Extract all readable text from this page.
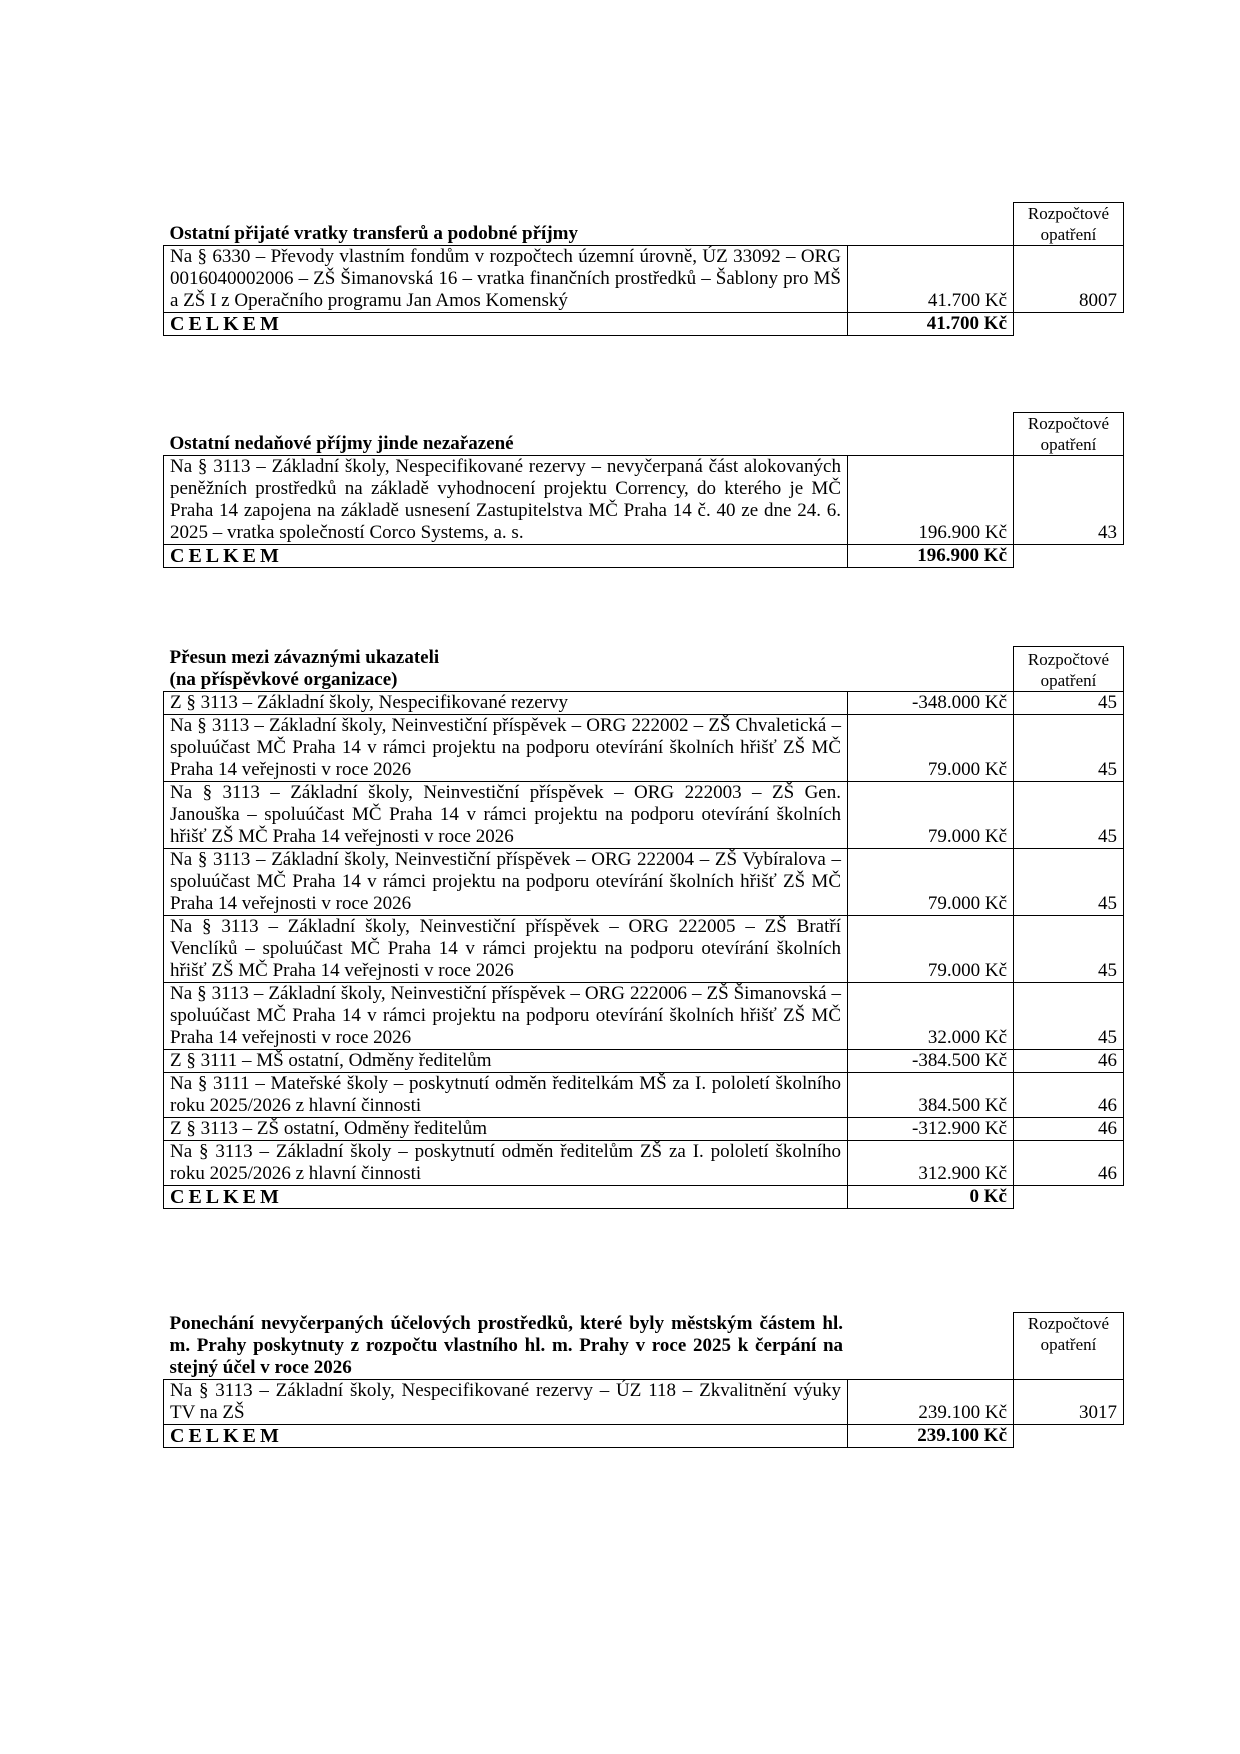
Ostatní přijaté vratky transferů a podobné příjmy		Rozpočtové opatření
Na § 6330 – Převody vlastním fondům v rozpočtech územní úrovně, ÚZ 33092 – ORG 0016040002006 – ZŠ Šimanovská 16 – vratka finančních prostředků – Šablony pro MŠ a ZŠ I z Operačního programu Jan Amos Komenský	41.700 Kč	8007
CELKEM	41.700 Kč	
Ostatní nedaňové příjmy jinde nezařazené		Rozpočtové opatření
Na § 3113 – Základní školy, Nespecifikované rezervy – nevyčerpaná část alokovaných peněžních prostředků na základě vyhodnocení projektu Correncу, do kterého je MČ Praha 14 zapojena na základě usnesení Zastupitelstva MČ Praha 14 č. 40 ze dne 24. 6. 2025 – vratka společností Corco Systems, a. s.	196.900 Kč	43
CELKEM	196.900 Kč	
Přesun mezi závaznými ukazateli (na příspěvkové organizace)		Rozpočtové opatření
Z § 3113 – Základní školy, Nespecifikované rezervy	-348.000 Kč	45
Na § 3113 – Základní školy, Neinvestiční příspěvek – ORG 222002 – ZŠ Chvaletická – spoluúčast MČ Praha 14 v rámci projektu na podporu otevírání školních hřišť ZŠ MČ Praha 14 veřejnosti v roce 2026	79.000 Kč	45
Na § 3113 – Základní školy, Neinvestiční příspěvek – ORG 222003 – ZŠ Gen. Janouška – spoluúčast MČ Praha 14 v rámci projektu na podporu otevírání školních hřišť ZŠ MČ Praha 14 veřejnosti v roce 2026	79.000 Kč	45
Na § 3113 – Základní školy, Neinvestiční příspěvek – ORG 222004 – ZŠ Vybíralova – spoluúčast MČ Praha 14 v rámci projektu na podporu otevírání školních hřišť ZŠ MČ Praha 14 veřejnosti v roce 2026	79.000 Kč	45
Na § 3113 – Základní školy, Neinvestiční příspěvek – ORG 222005 – ZŠ Bratří Venclíků – spoluúčast MČ Praha 14 v rámci projektu na podporu otevírání školních hřišť ZŠ MČ Praha 14 veřejnosti v roce 2026	79.000 Kč	45
Na § 3113 – Základní školy, Neinvestiční příspěvek – ORG 222006 – ZŠ Šimanovská – spoluúčast MČ Praha 14 v rámci projektu na podporu otevírání školních hřišť ZŠ MČ Praha 14 veřejnosti v roce 2026	32.000 Kč	45
Z § 3111 – MŠ ostatní, Odměny ředitelům	-384.500 Kč	46
Na § 3111 – Mateřské školy – poskytnutí odměn ředitelkám MŠ za I. pololetí školního roku 2025/2026 z hlavní činnosti	384.500 Kč	46
Z § 3113 – ZŠ ostatní, Odměny ředitelům	-312.900 Kč	46
Na § 3113 – Základní školy – poskytnutí odměn ředitelům ZŠ za I. pololetí školního roku 2025/2026 z hlavní činnosti	312.900 Kč	46
CELKEM	0 Kč	
Ponechání nevyčerpaných účelových prostředků, které byly městským částem hl. m. Prahy poskytnuty z rozpočtu vlastního hl. m. Prahy v roce 2025 k čerpání na stejný účel v roce 2026		Rozpočtové opatření
Na § 3113 – Základní školy, Nespecifikované rezervy – ÚZ 118 – Zkvalitnění výuky TV na ZŠ	239.100 Kč	3017
CELKEM	239.100 Kč	
